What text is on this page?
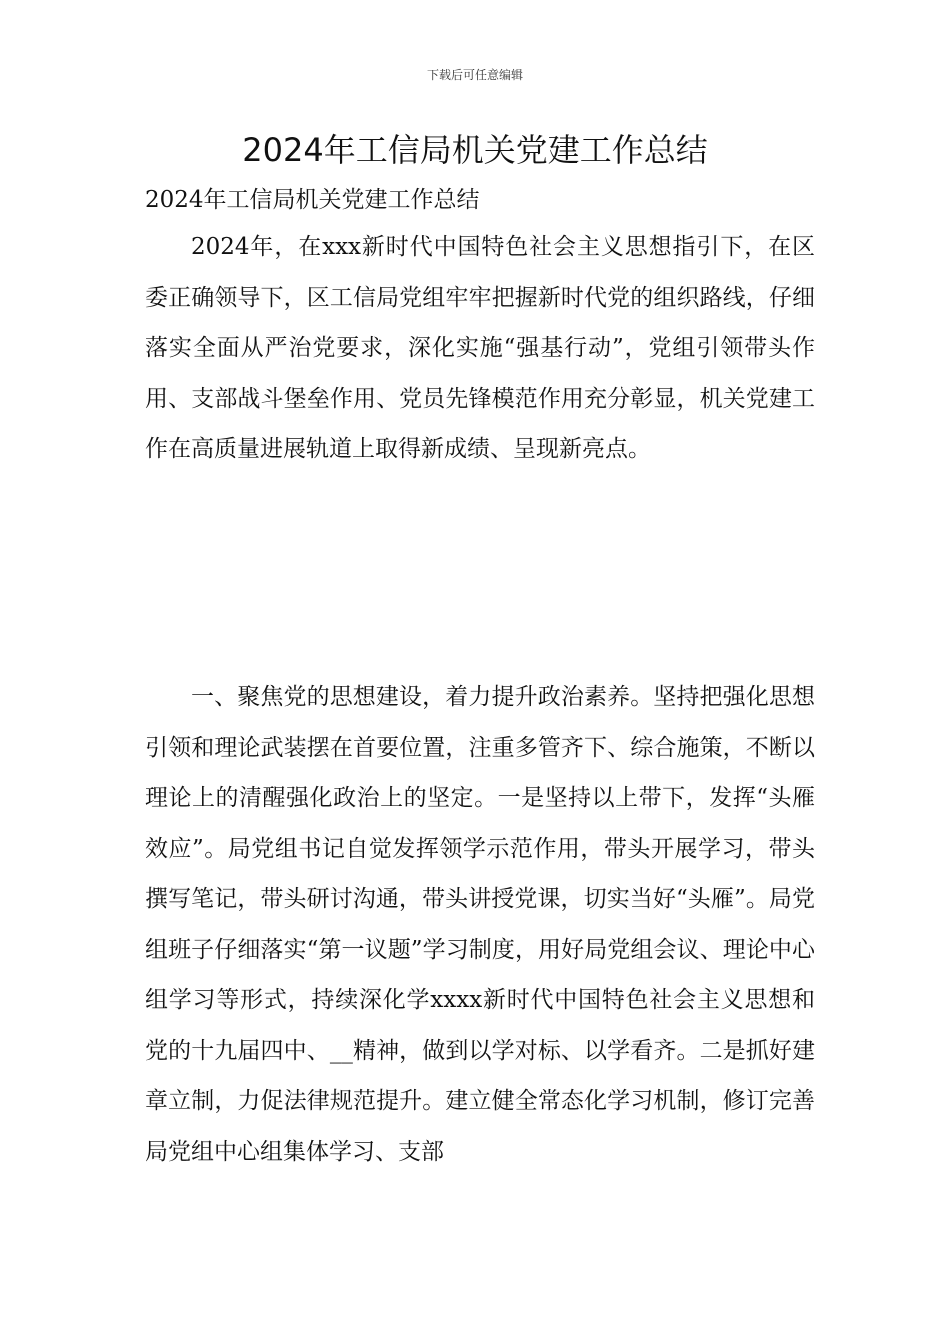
下载后可任意编辑
2024年工信局机关党建工作总结
2024年工信局机关党建工作总结

2024年，在xxx新时代中国特色社会主义思想指引下，在区委正确领导下，区工信局党组牢牢把握新时代党的组织路线，仔细落实全面从严治党要求，深化实施“强基行动”，党组引领带头作用、支部战斗堡垒作用、党员先锋模范作用充分彰显，机关党建工作在高质量进展轨道上取得新成绩、呈现新亮点。

一、聚焦党的思想建设，着力提升政治素养。坚持把强化思想引领和理论武装摆在首要位置，注重多管齐下、综合施策，不断以理论上的清醒强化政治上的坚定。一是坚持以上带下，发挥“头雁效应”。局党组书记自觉发挥领学示范作用，带头开展学习，带头撰写笔记，带头研讨沟通，带头讲授党课，切实当好“头雁”。局党组班子仔细落实“第一议题”学习制度，用好局党组会议、理论中心组学习等形式，持续深化学xxxx新时代中国特色社会主义思想和党的十九届四中、__精神，做到以学对标、以学看齐。二是抓好建章立制，力促法律规范提升。建立健全常态化学习机制，修订完善局党组中心组集体学习、支部
